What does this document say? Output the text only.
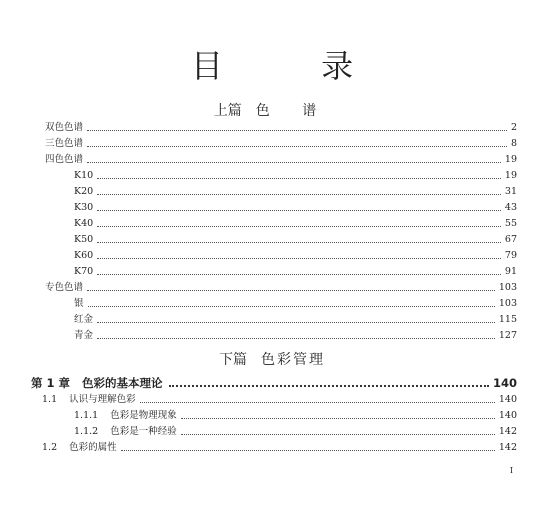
目 录
上篇 色 谱
双色色谱	2
三色色谱	8
四色色谱	19
K10	19
K20	31
K30	43
K40	55
K50	67
K60	79
K70	91
专色色谱	103
银	103
红金	115
青金	127
下篇 色彩管理
第 1 章 色彩的基本理论	140
1.1 认识与理解色彩	140
1.1.1 色彩是物理现象	140
1.1.2 色彩是一种经验	142
1.2 色彩的属性	142
I
